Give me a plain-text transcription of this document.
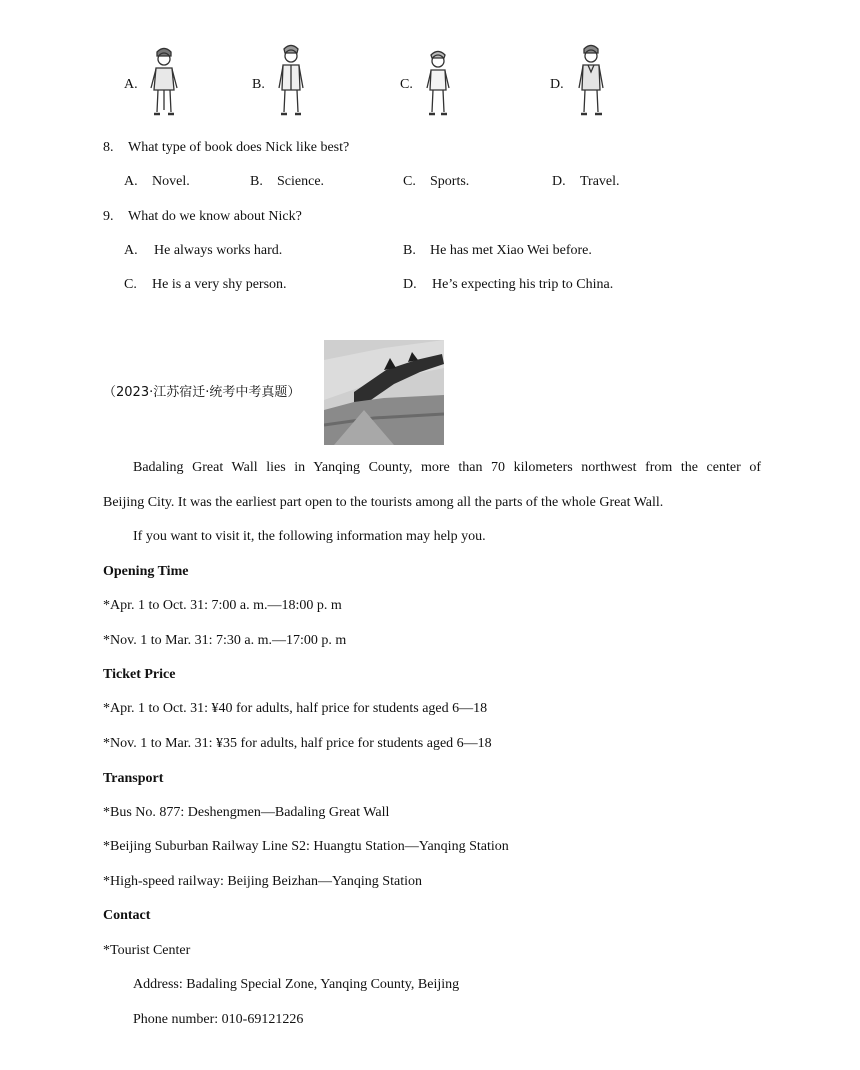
A.	B.	C.	D.
8. What type of book does Nick like best?
A. Novel.	B. Science.	C. Sports.	D. Travel.
9. What do we know about Nick?
A. He always works hard.	B. He has met Xiao Wei before.
C. He is a very shy person.	D. He’s expecting his trip to China.
（2023·江苏宿迁·统考中考真题）
Badaling Great Wall lies in Yanqing County, more than 70 kilometers northwest from the center of
Beijing City. It was the earliest part open to the tourists among all the parts of the whole Great Wall.
If you want to visit it, the following information may help you.
Opening Time
*Apr. 1 to Oct. 31: 7:00 a. m.—18:00 p. m
*Nov. 1 to Mar. 31: 7:30 a. m.—17:00 p. m
Ticket Price
*Apr. 1 to Oct. 31: ¥40 for adults, half price for students aged 6—18
*Nov. 1 to Mar. 31: ¥35 for adults, half price for students aged 6—18
Transport
*Bus No. 877: Deshengmen—Badaling Great Wall
*Beijing Suburban Railway Line S2: Huangtu Station—Yanqing Station
*High-speed railway: Beijing Beizhan—Yanqing Station
Contact
*Tourist Center
Address: Badaling Special Zone, Yanqing County, Beijing
Phone number: 010-69121226
